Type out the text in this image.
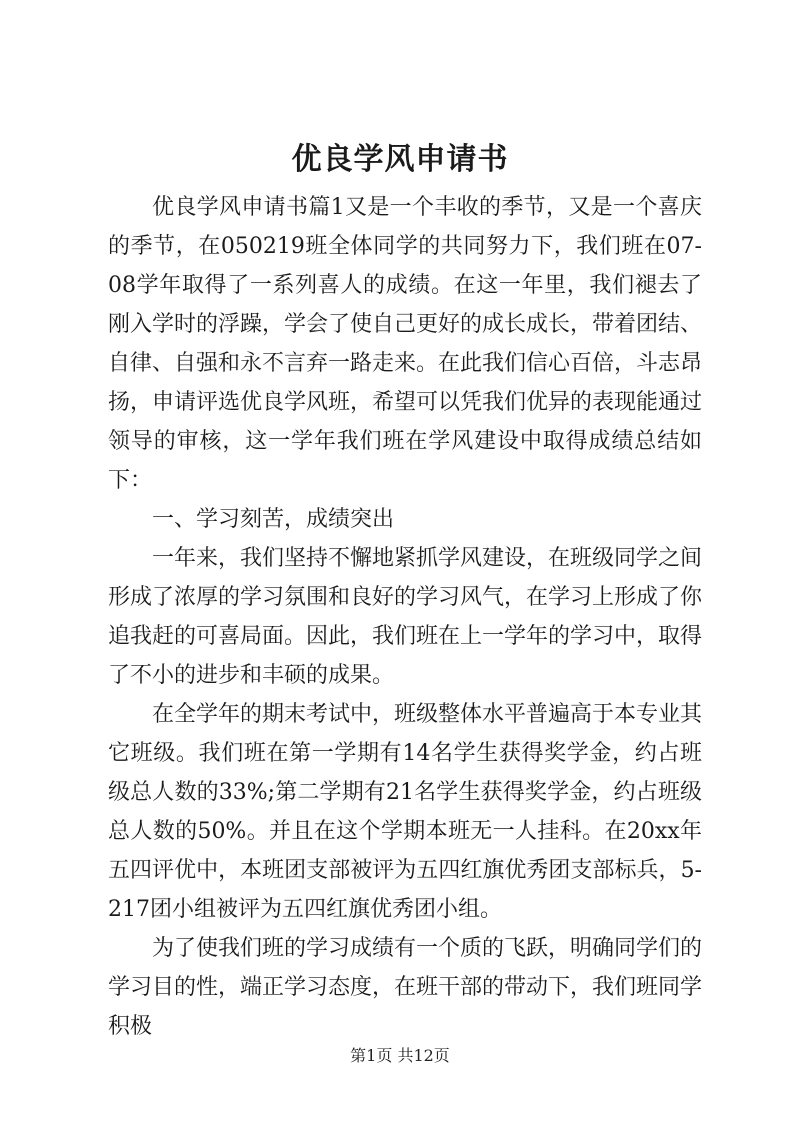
优良学风申请书

优良学风申请书篇1又是一个丰收的季节，又是一个喜庆的季节，在050219班全体同学的共同努力下，我们班在07-08学年取得了一系列喜人的成绩。在这一年里，我们褪去了刚入学时的浮躁，学会了使自己更好的成长成长，带着团结、自律、自强和永不言弃一路走来。在此我们信心百倍，斗志昂扬，申请评选优良学风班，希望可以凭我们优异的表现能通过领导的审核，这一学年我们班在学风建设中取得成绩总结如下：

一、学习刻苦，成绩突出

一年来，我们坚持不懈地紧抓学风建设，在班级同学之间形成了浓厚的学习氛围和良好的学习风气，在学习上形成了你追我赶的可喜局面。因此，我们班在上一学年的学习中，取得了不小的进步和丰硕的成果。

在全学年的期末考试中，班级整体水平普遍高于本专业其它班级。我们班在第一学期有14名学生获得奖学金，约占班级总人数的33%;第二学期有21名学生获得奖学金，约占班级总人数的50%。并且在这个学期本班无一人挂科。在20xx年五四评优中，本班团支部被评为五四红旗优秀团支部标兵，5-217团小组被评为五四红旗优秀团小组。

为了使我们班的学习成绩有一个质的飞跃，明确同学们的学习目的性，端正学习态度，在班干部的带动下，我们班同学积极

第1页 共12页
